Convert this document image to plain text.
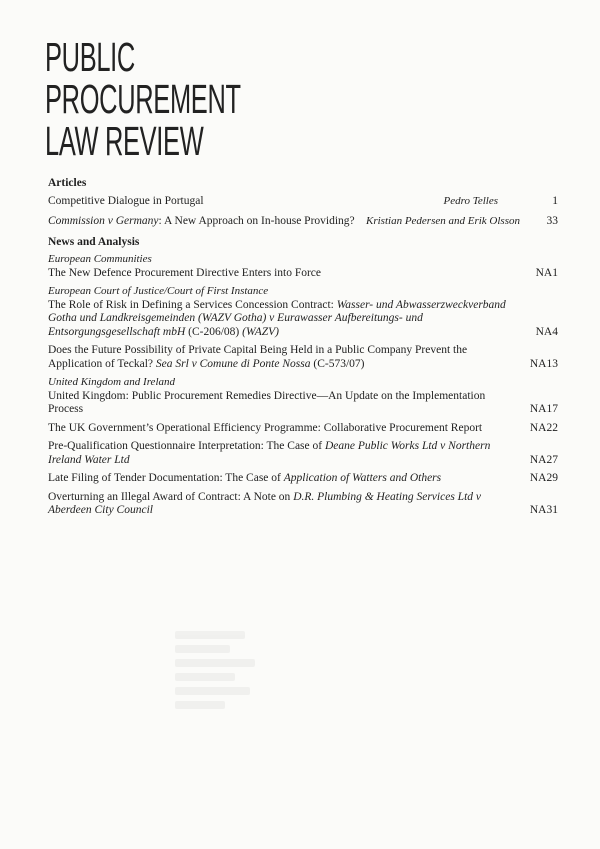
PUBLIC
PROCUREMENT
LAW REVIEW
Articles
Competitive Dialogue in Portugal	Pedro Telles	1
Commission v Germany: A New Approach on In-house Providing?	Kristian Pedersen and Erik Olsson	33
News and Analysis
European Communities
The New Defence Procurement Directive Enters into Force	NA1
European Court of Justice/Court of First Instance
The Role of Risk in Defining a Services Concession Contract: Wasser- und Abwasserzweckverband Gotha und Landkreisgemeinden (WAZV Gotha) v Eurawasser Aufbereitungs- und Entsorgungsgesellschaft mbH (C-206/08) (WAZV)	NA4
Does the Future Possibility of Private Capital Being Held in a Public Company Prevent the Application of Teckal? Sea Srl v Comune di Ponte Nossa (C-573/07)	NA13
United Kingdom and Ireland
United Kingdom: Public Procurement Remedies Directive—An Update on the Implementation Process	NA17
The UK Government’s Operational Efficiency Programme: Collaborative Procurement Report	NA22
Pre-Qualification Questionnaire Interpretation: The Case of Deane Public Works Ltd v Northern Ireland Water Ltd	NA27
Late Filing of Tender Documentation: The Case of Application of Watters and Others	NA29
Overturning an Illegal Award of Contract: A Note on D.R. Plumbing & Heating Services Ltd v Aberdeen City Council	NA31
